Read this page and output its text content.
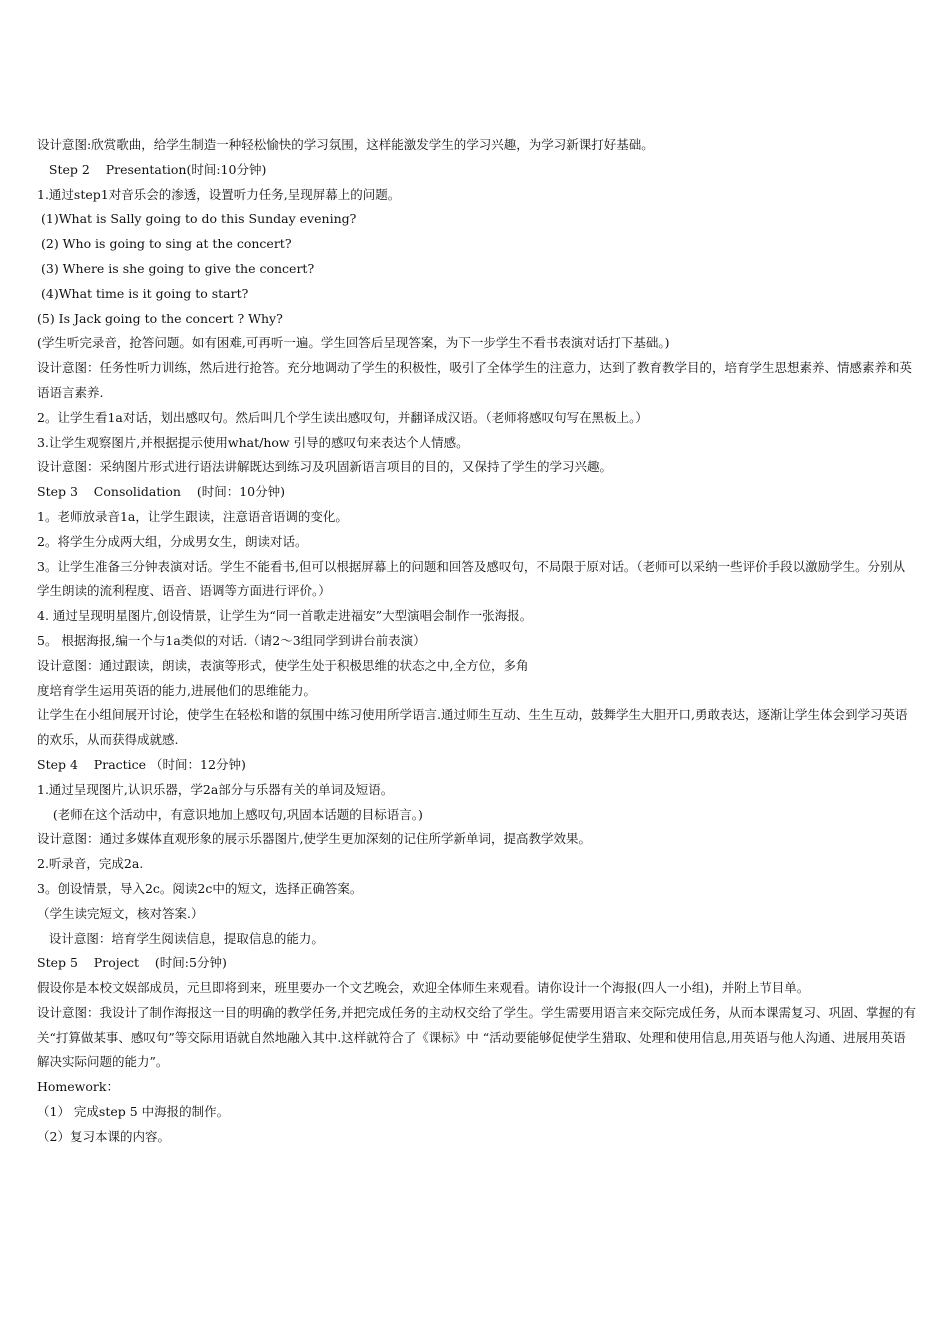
设计意图:欣赏歌曲，给学生制造一种轻松愉快的学习氛围，这样能激发学生的学习兴趣，为学习新课打好基础。

Step 2    Presentation(时间:10分钟)

1.通过step1对音乐会的渗透，设置听力任务,呈现屏幕上的问题。

(1)What is Sally going to do this Sunday evening?

(2) Who is going to sing at the concert?

(3) Where is she going to give the concert?

(4)What time is it going to start?

(5) Is Jack going to the concert ? Why?

(学生听完录音，抢答问题。如有困难,可再听一遍。学生回答后呈现答案，为下一步学生不看书表演对话打下基础。)

设计意图：任务性听力训练，然后进行抢答。充分地调动了学生的积极性，吸引了全体学生的注意力，达到了教育教学目的，培育学生思想素养、情感素养和英语语言素养.

2。让学生看1a对话，划出感叹句。然后叫几个学生读出感叹句，并翻译成汉语。（老师将感叹句写在黑板上。）

3.让学生观察图片,并根据提示使用what/how 引导的感叹句来表达个人情感。

设计意图：采纳图片形式进行语法讲解既达到练习及巩固新语言项目的目的，又保持了学生的学习兴趣。

Step 3    Consolidation    (时间：10分钟)

1。老师放录音1a，让学生跟读，注意语音语调的变化。

2。将学生分成两大组，分成男女生，朗读对话。

3。让学生准备三分钟表演对话。学生不能看书,但可以根据屏幕上的问题和回答及感叹句，不局限于原对话。（老师可以采纳一些评价手段以激励学生。分别从学生朗读的流利程度、语音、语调等方面进行评价。）

4. 通过呈现明星图片,创设情景，让学生为“同一首歌走进福安”大型演唱会制作一张海报。

5。 根据海报,编一个与1a类似的对话.（请2～3组同学到讲台前表演）

设计意图：通过跟读，朗读，表演等形式，使学生处于积极思维的状态之中,全方位，多角

度培育学生运用英语的能力,进展他们的思维能力。

让学生在小组间展开讨论，使学生在轻松和谐的氛围中练习使用所学语言.通过师生互动、生生互动，鼓舞学生大胆开口,勇敢表达，逐渐让学生体会到学习英语的欢乐，从而获得成就感.

Step 4    Practice （时间：12分钟)

1.通过呈现图片,认识乐器，学2a部分与乐器有关的单词及短语。

(老师在这个活动中，有意识地加上感叹句,巩固本话题的目标语言。)

设计意图：通过多媒体直观形象的展示乐器图片,使学生更加深刻的记住所学新单词，提高教学效果。

2.听录音，完成2a.

3。创设情景，导入2c。阅读2c中的短文，选择正确答案。

（学生读完短文，核对答案.）

设计意图：培育学生阅读信息，提取信息的能力。

Step 5    Project    (时间:5分钟)

假设你是本校文娱部成员，元旦即将到来，班里要办一个文艺晚会，欢迎全体师生来观看。请你设计一个海报(四人一小组)，并附上节目单。

设计意图：我设计了制作海报这一目的明确的教学任务,并把完成任务的主动权交给了学生。学生需要用语言来交际完成任务，从而本课需复习、巩固、掌握的有关“打算做某事、感叹句”等交际用语就自然地融入其中.这样就符合了《课标》中 “活动要能够促使学生猎取、处理和使用信息,用英语与他人沟通、进展用英语解决实际问题的能力”。

Homework：

（1） 完成step 5 中海报的制作。

（2）复习本课的内容。
